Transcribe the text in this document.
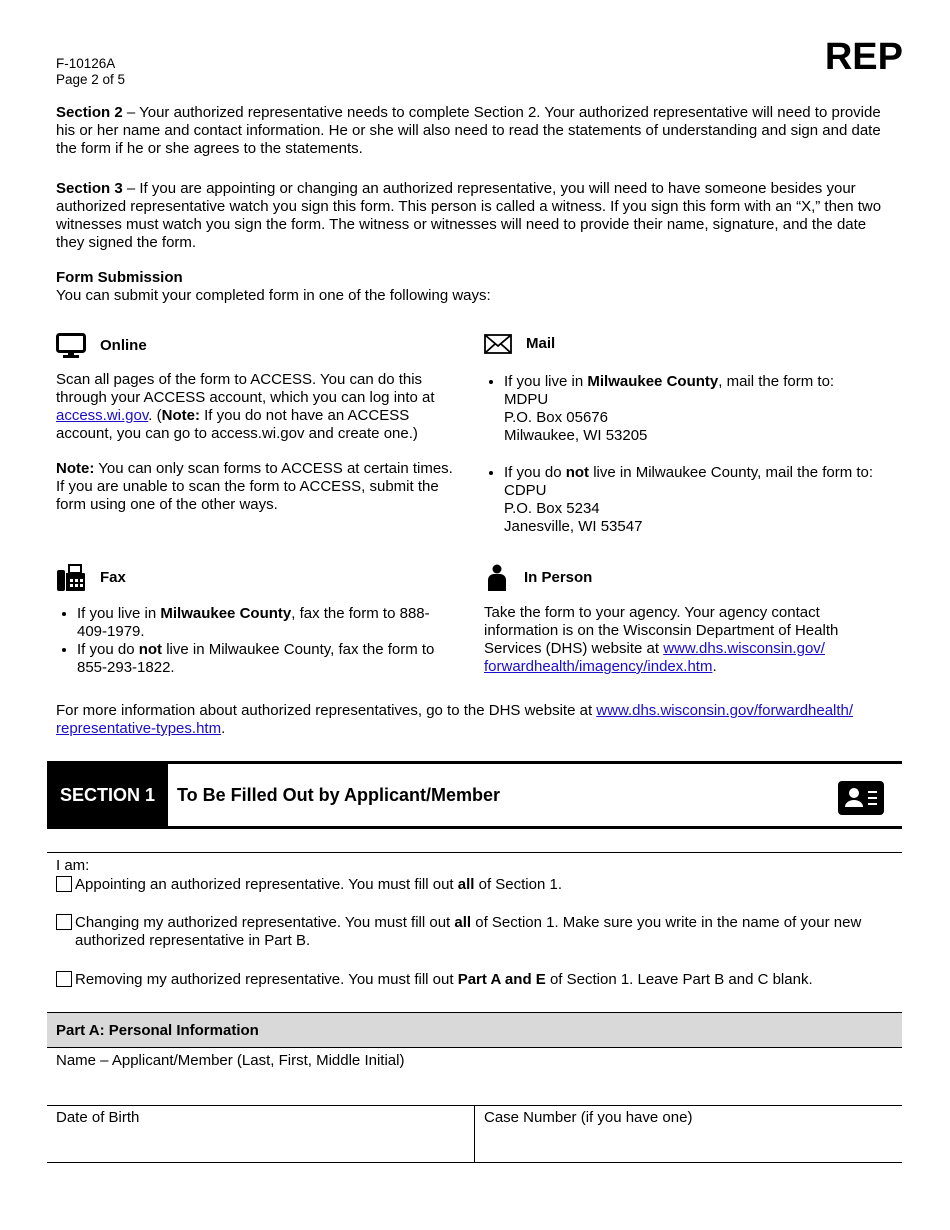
F-10126A
Page 2 of 5
REP
Section 2 – Your authorized representative needs to complete Section 2. Your authorized representative will need to provide his or her name and contact information. He or she will also need to read the statements of understanding and sign and date the form if he or she agrees to the statements.
Section 3 – If you are appointing or changing an authorized representative, you will need to have someone besides your authorized representative watch you sign this form. This person is called a witness. If you sign this form with an “X,” then two witnesses must watch you sign the form. The witness or witnesses will need to provide their name, signature, and the date they signed the form.
Form Submission
You can submit your completed form in one of the following ways:
Online
Scan all pages of the form to ACCESS. You can do this through your ACCESS account, which you can log into at access.wi.gov. (Note: If you do not have an ACCESS account, you can go to access.wi.gov and create one.)
Note: You can only scan forms to ACCESS at certain times. If you are unable to scan the form to ACCESS, submit the form using one of the other ways.
Mail
• If you live in Milwaukee County, mail the form to:
MDPU
P.O. Box 05676
Milwaukee, WI 53205
• If you do not live in Milwaukee County, mail the form to:
CDPU
P.O. Box 5234
Janesville, WI 53547
Fax
• If you live in Milwaukee County, fax the form to 888-409-1979.
• If you do not live in Milwaukee County, fax the form to 855-293-1822.
In Person
Take the form to your agency. Your agency contact information is on the Wisconsin Department of Health Services (DHS) website at www.dhs.wisconsin.gov/
forwardhealth/imagency/index.htm.
For more information about authorized representatives, go to the DHS website at www.dhs.wisconsin.gov/forwardhealth/
representative-types.htm.
SECTION 1	To Be Filled Out by Applicant/Member
I am:
Appointing an authorized representative. You must fill out all of Section 1.
Changing my authorized representative. You must fill out all of Section 1. Make sure you write in the name of your new authorized representative in Part B.
Removing my authorized representative. You must fill out Part A and E of Section 1. Leave Part B and C blank.
Part A: Personal Information
Name – Applicant/Member (Last, First, Middle Initial)
Date of Birth	Case Number (if you have one)
